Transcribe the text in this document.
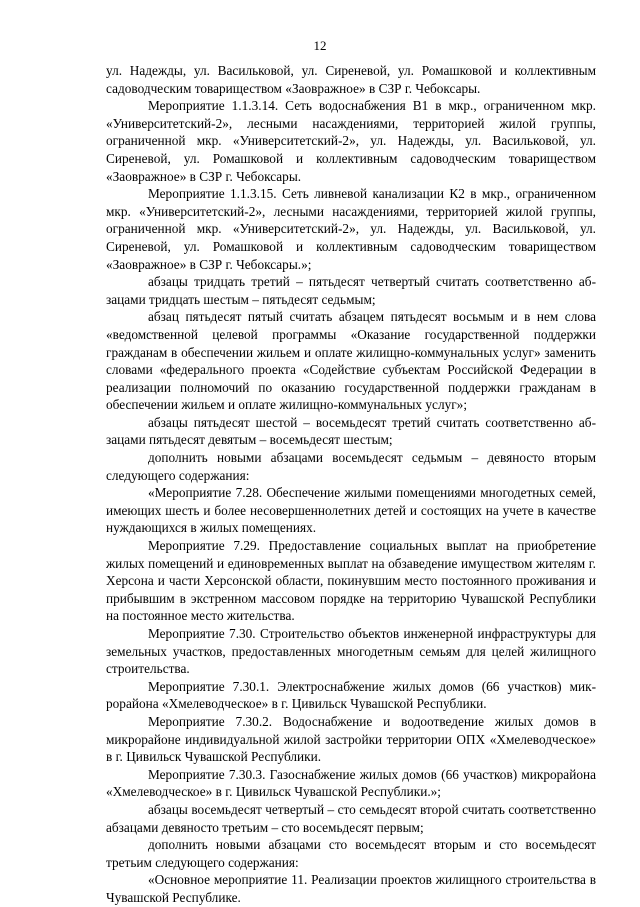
12

ул. Надежды, ул. Васильковой, ул. Сиреневой, ул. Ромашковой и коллективным садоводческим товариществом «Заовражное» в СЗР г. Чебоксары.

Мероприятие 1.1.3.14. Сеть водоснабжения В1 в мкр., ограниченном мкр. «Университетский-2», лесными насаждениями, территорией жилой группы, ограниченной мкр. «Университетский-2», ул. Надежды, ул. Васильковой, ул. Сиреневой, ул. Ромашковой и коллективным садоводческим товариществом «Заовражное» в СЗР г. Чебоксары.

Мероприятие 1.1.3.15. Сеть ливневой канализации К2 в мкр., ограниченном мкр. «Университетский-2», лесными насаждениями, территорией жилой группы, ограниченной мкр. «Университетский-2», ул. Надежды, ул. Васильковой, ул. Сиреневой, ул. Ромашковой и коллективным садоводческим товариществом «Заовражное» в СЗР г. Чебоксары.»;

абзацы тридцать третий – пятьдесят четвертый считать соответственно абзацами тридцать шестым – пятьдесят седьмым;

абзац пятьдесят пятый считать абзацем пятьдесят восьмым и в нем слова «ведомственной целевой программы «Оказание государственной поддержки гражданам в обеспечении жильем и оплате жилищно-коммунальных услуг» заменить словами «федерального проекта «Содействие субъектам Российской Федерации в реализации полномочий по оказанию государственной поддержки гражданам в обеспечении жильем и оплате жилищно-коммунальных услуг»;

абзацы пятьдесят шестой – восемьдесят третий считать соответственно абзацами пятьдесят девятым – восемьдесят шестым;

дополнить новыми абзацами восемьдесят седьмым – девяносто вторым следующего содержания:

«Мероприятие 7.28. Обеспечение жилыми помещениями многодетных семей, имеющих шесть и более несовершеннолетних детей и состоящих на учете в качестве нуждающихся в жилых помещениях.

Мероприятие 7.29. Предоставление социальных выплат на приобретение жилых помещений и единовременных выплат на обзаведение имуществом жителям г. Херсона и части Херсонской области, покинувшим место постоянного проживания и прибывшим в экстренном массовом порядке на территорию Чувашской Республики на постоянное место жительства.

Мероприятие 7.30. Строительство объектов инженерной инфраструктуры для земельных участков, предоставленных многодетным семьям для целей жилищного строительства.

Мероприятие 7.30.1. Электроснабжение жилых домов (66 участков) микрорайона «Хмелеводческое» в г. Цивильск Чувашской Республики.

Мероприятие 7.30.2. Водоснабжение и водоотведение жилых домов в микрорайоне индивидуальной жилой застройки территории ОПХ «Хмелеводческое» в г. Цивильск Чувашской Республики.

Мероприятие 7.30.3. Газоснабжение жилых домов (66 участков) микрорайона «Хмелеводческое» в г. Цивильск Чувашской Республики.»;

абзацы восемьдесят четвертый – сто семьдесят второй считать соответственно абзацами девяносто третьим – сто восемьдесят первым;

дополнить новыми абзацами сто восемьдесят вторым и сто восемьдесят третьим следующего содержания:

«Основное мероприятие 11. Реализации проектов жилищного строительства в Чувашской Республике.
